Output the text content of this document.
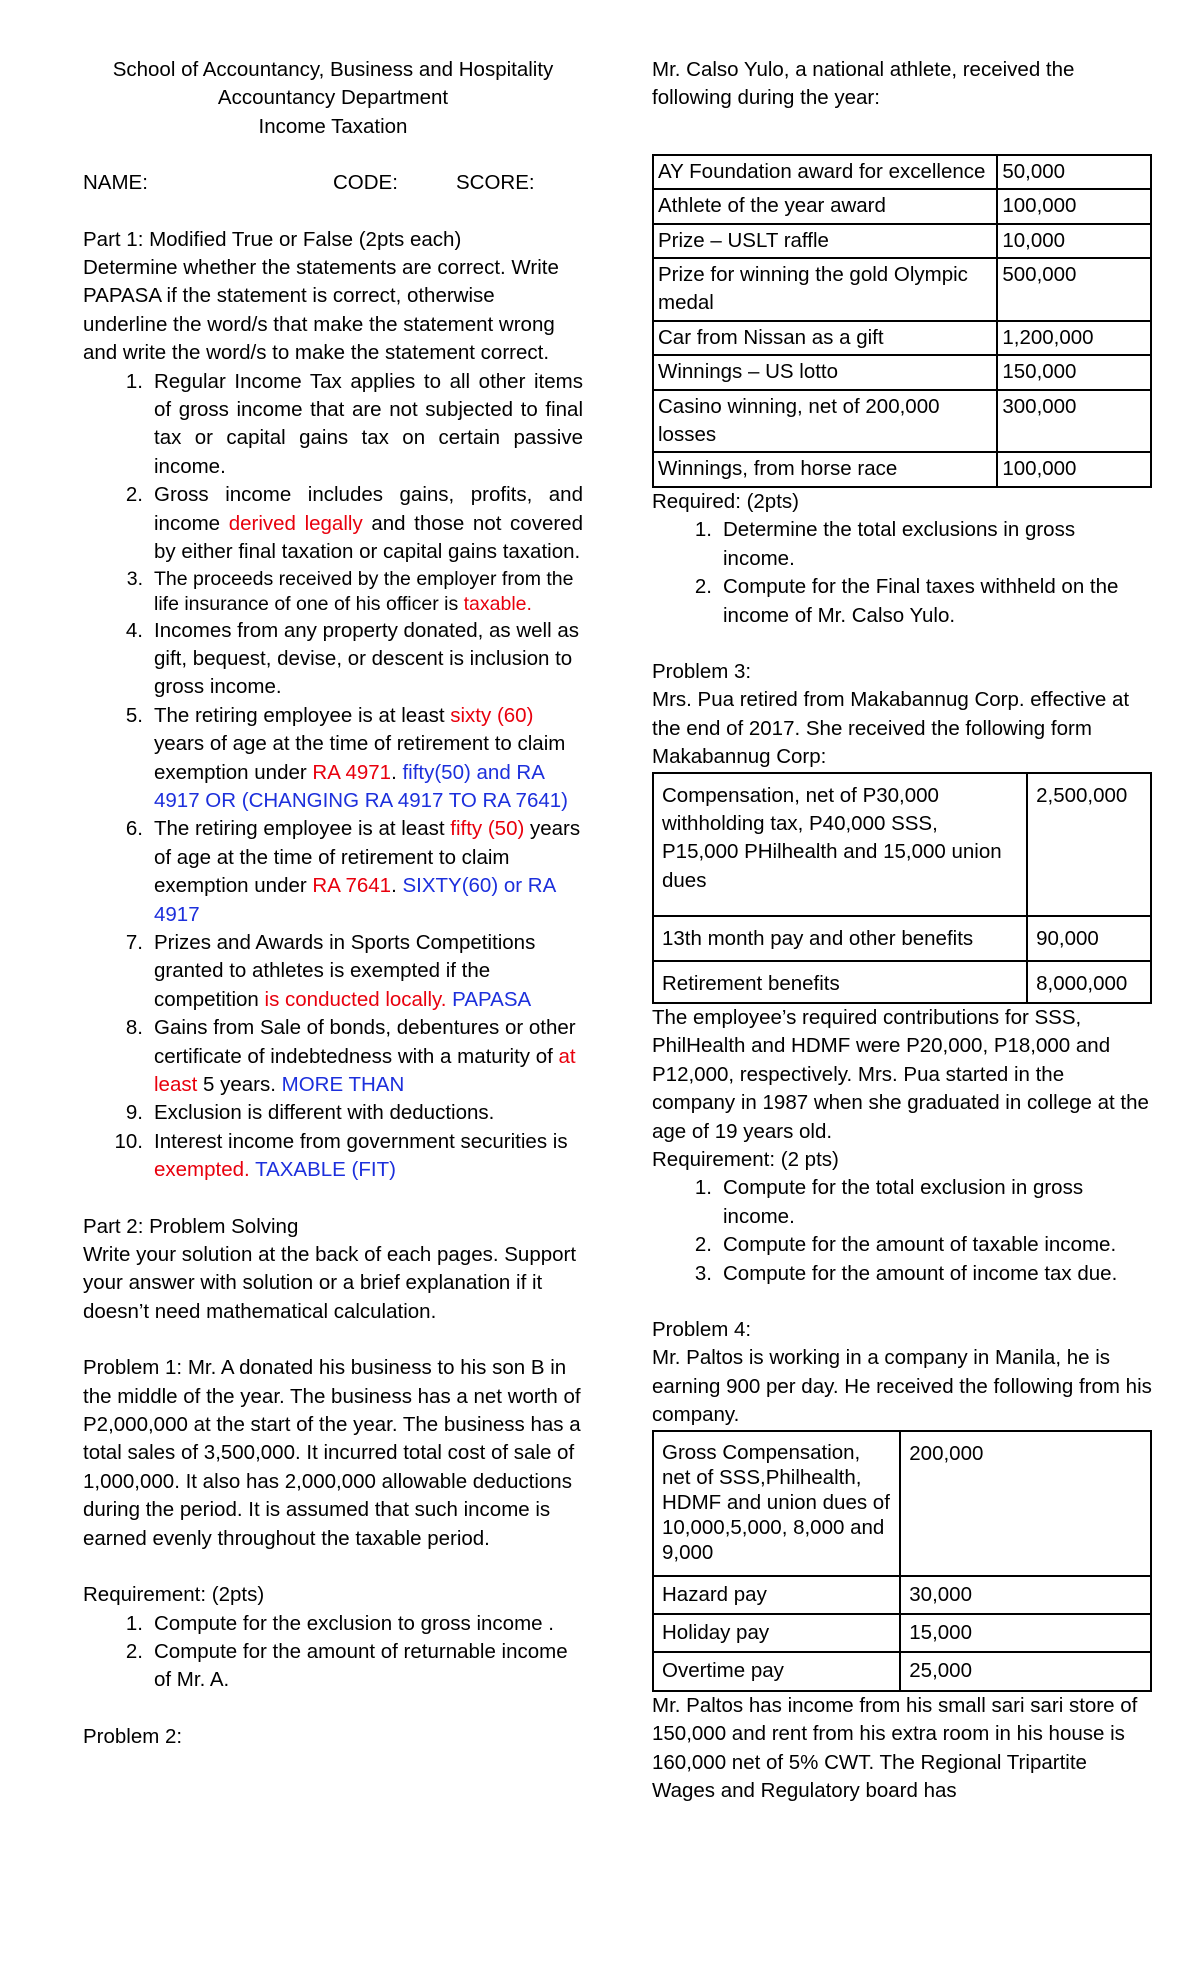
School of Accountancy, Business and Hospitality

Accountancy Department

Income Taxation

NAME:	CODE:	SCORE:

Part 1: Modified True or False (2pts each)

Determine whether the statements are correct. Write PAPASA if the statement is correct, otherwise underline the word/s that make the statement wrong and write the word/s to make the statement correct.

1. Regular Income Tax applies to all other items of gross income that are not subjected to final tax or capital gains tax on certain passive income.
2. Gross income includes gains, profits, and income derived legally and those not covered by either final taxation or capital gains taxation.
3. The proceeds received by the employer from the life insurance of one of his officer is taxable.
4. Incomes from any property donated, as well as gift, bequest, devise, or descent is inclusion to gross income.
5. The retiring employee is at least sixty (60) years of age at the time of retirement to claim exemption under RA 4971. fifty(50) and RA 4917 OR (CHANGING RA 4917 TO RA 7641)
6. The retiring employee is at least fifty (50) years of age at the time of retirement to claim exemption under RA 7641. SIXTY(60) or RA 4917
7. Prizes and Awards in Sports Competitions granted to athletes is exempted if the competition is conducted locally. PAPASA
8. Gains from Sale of bonds, debentures or other certificate of indebtedness with a maturity of at least 5 years. MORE THAN
9. Exclusion is different with deductions.
10. Interest income from government securities is exempted. TAXABLE (FIT)

Part 2: Problem Solving

Write your solution at the back of each pages. Support your answer with solution or a brief explanation if it doesn’t need mathematical calculation.

Problem 1: Mr. A donated his business to his son B in the middle of the year. The business has a net worth of P2,000,000 at the start of the year. The business has a total sales of 3,500,000. It incurred total cost of sale of 1,000,000. It also has 2,000,000 allowable deductions during the period. It is assumed that such income is earned evenly throughout the taxable period.

Requirement: (2pts)

1. Compute for the exclusion to gross income .
2. Compute for the amount of returnable income of Mr. A.

Problem 2:

Mr. Calso Yulo, a national athlete, received the following during the year:

AY Foundation award for excellence	50,000
Athlete of the year award	100,000
Prize – USLT raffle	10,000
Prize for winning the gold Olympic medal	500,000
Car from Nissan as a gift	1,200,000
Winnings – US lotto	150,000
Casino winning, net of 200,000 losses	300,000
Winnings, from horse race	100,000

Required: (2pts)

1. Determine the total exclusions in gross income.
2. Compute for the Final taxes withheld on the income of Mr. Calso Yulo.

Problem 3:

Mrs. Pua retired from Makabannug Corp. effective at the end of 2017. She received the following form Makabannug Corp:

Compensation, net of P30,000 withholding tax, P40,000 SSS, P15,000 PHilhealth and 15,000 union dues	2,500,000
13th month pay and other benefits	90,000
Retirement benefits	8,000,000

The employee’s required contributions for SSS, PhilHealth and HDMF were P20,000, P18,000 and P12,000, respectively. Mrs. Pua started in the company in 1987 when she graduated in college at the age of 19 years old.

Requirement: (2 pts)

1. Compute for the total exclusion in gross income.
2. Compute for the amount of taxable income.
3. Compute for the amount of income tax due.

Problem 4:

Mr. Paltos is working in a company in Manila, he is earning 900 per day. He received the following from his company.

Gross Compensation, net of SSS,Philhealth, HDMF and union dues of 10,000,5,000, 8,000 and 9,000	200,000
Hazard pay	30,000
Holiday pay	15,000
Overtime pay	25,000

Mr. Paltos has income from his small sari sari store of 150,000 and rent from his extra room in his house is 160,000 net of 5% CWT. The Regional Tripartite Wages and Regulatory board has
